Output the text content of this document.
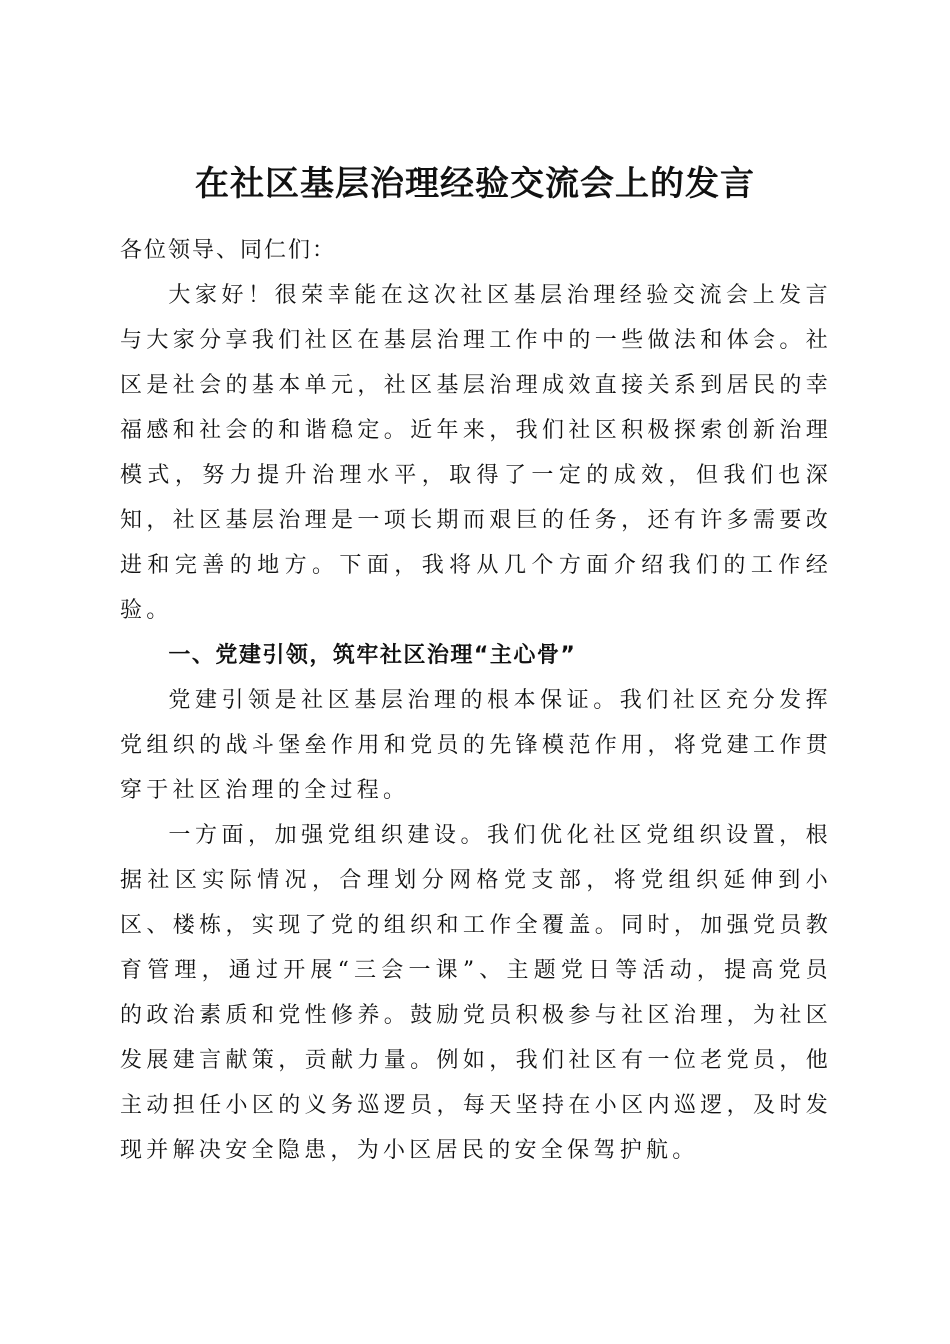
在社区基层治理经验交流会上的发言

各位领导、同仁们：

大家好！很荣幸能在这次社区基层治理经验交流会上发言与大家分享我们社区在基层治理工作中的一些做法和体会。社区是社会的基本单元，社区基层治理成效直接关系到居民的幸福感和社会的和谐稳定。近年来，我们社区积极探索创新治理模式，努力提升治理水平，取得了一定的成效，但我们也深知，社区基层治理是一项长期而艰巨的任务，还有许多需要改进和完善的地方。下面，我将从几个方面介绍我们的工作经验。

一、党建引领，筑牢社区治理“主心骨”

党建引领是社区基层治理的根本保证。我们社区充分发挥党组织的战斗堡垒作用和党员的先锋模范作用，将党建工作贯穿于社区治理的全过程。

一方面，加强党组织建设。我们优化社区党组织设置，根据社区实际情况，合理划分网格党支部，将党组织延伸到小区、楼栋，实现了党的组织和工作全覆盖。同时，加强党员教育管理，通过开展“三会一课”、主题党日等活动，提高党员的政治素质和党性修养。鼓励党员积极参与社区治理，为社区发展建言献策，贡献力量。例如，我们社区有一位老党员，他主动担任小区的义务巡逻员，每天坚持在小区内巡逻，及时发现并解决安全隐患，为小区居民的安全保驾护航。
